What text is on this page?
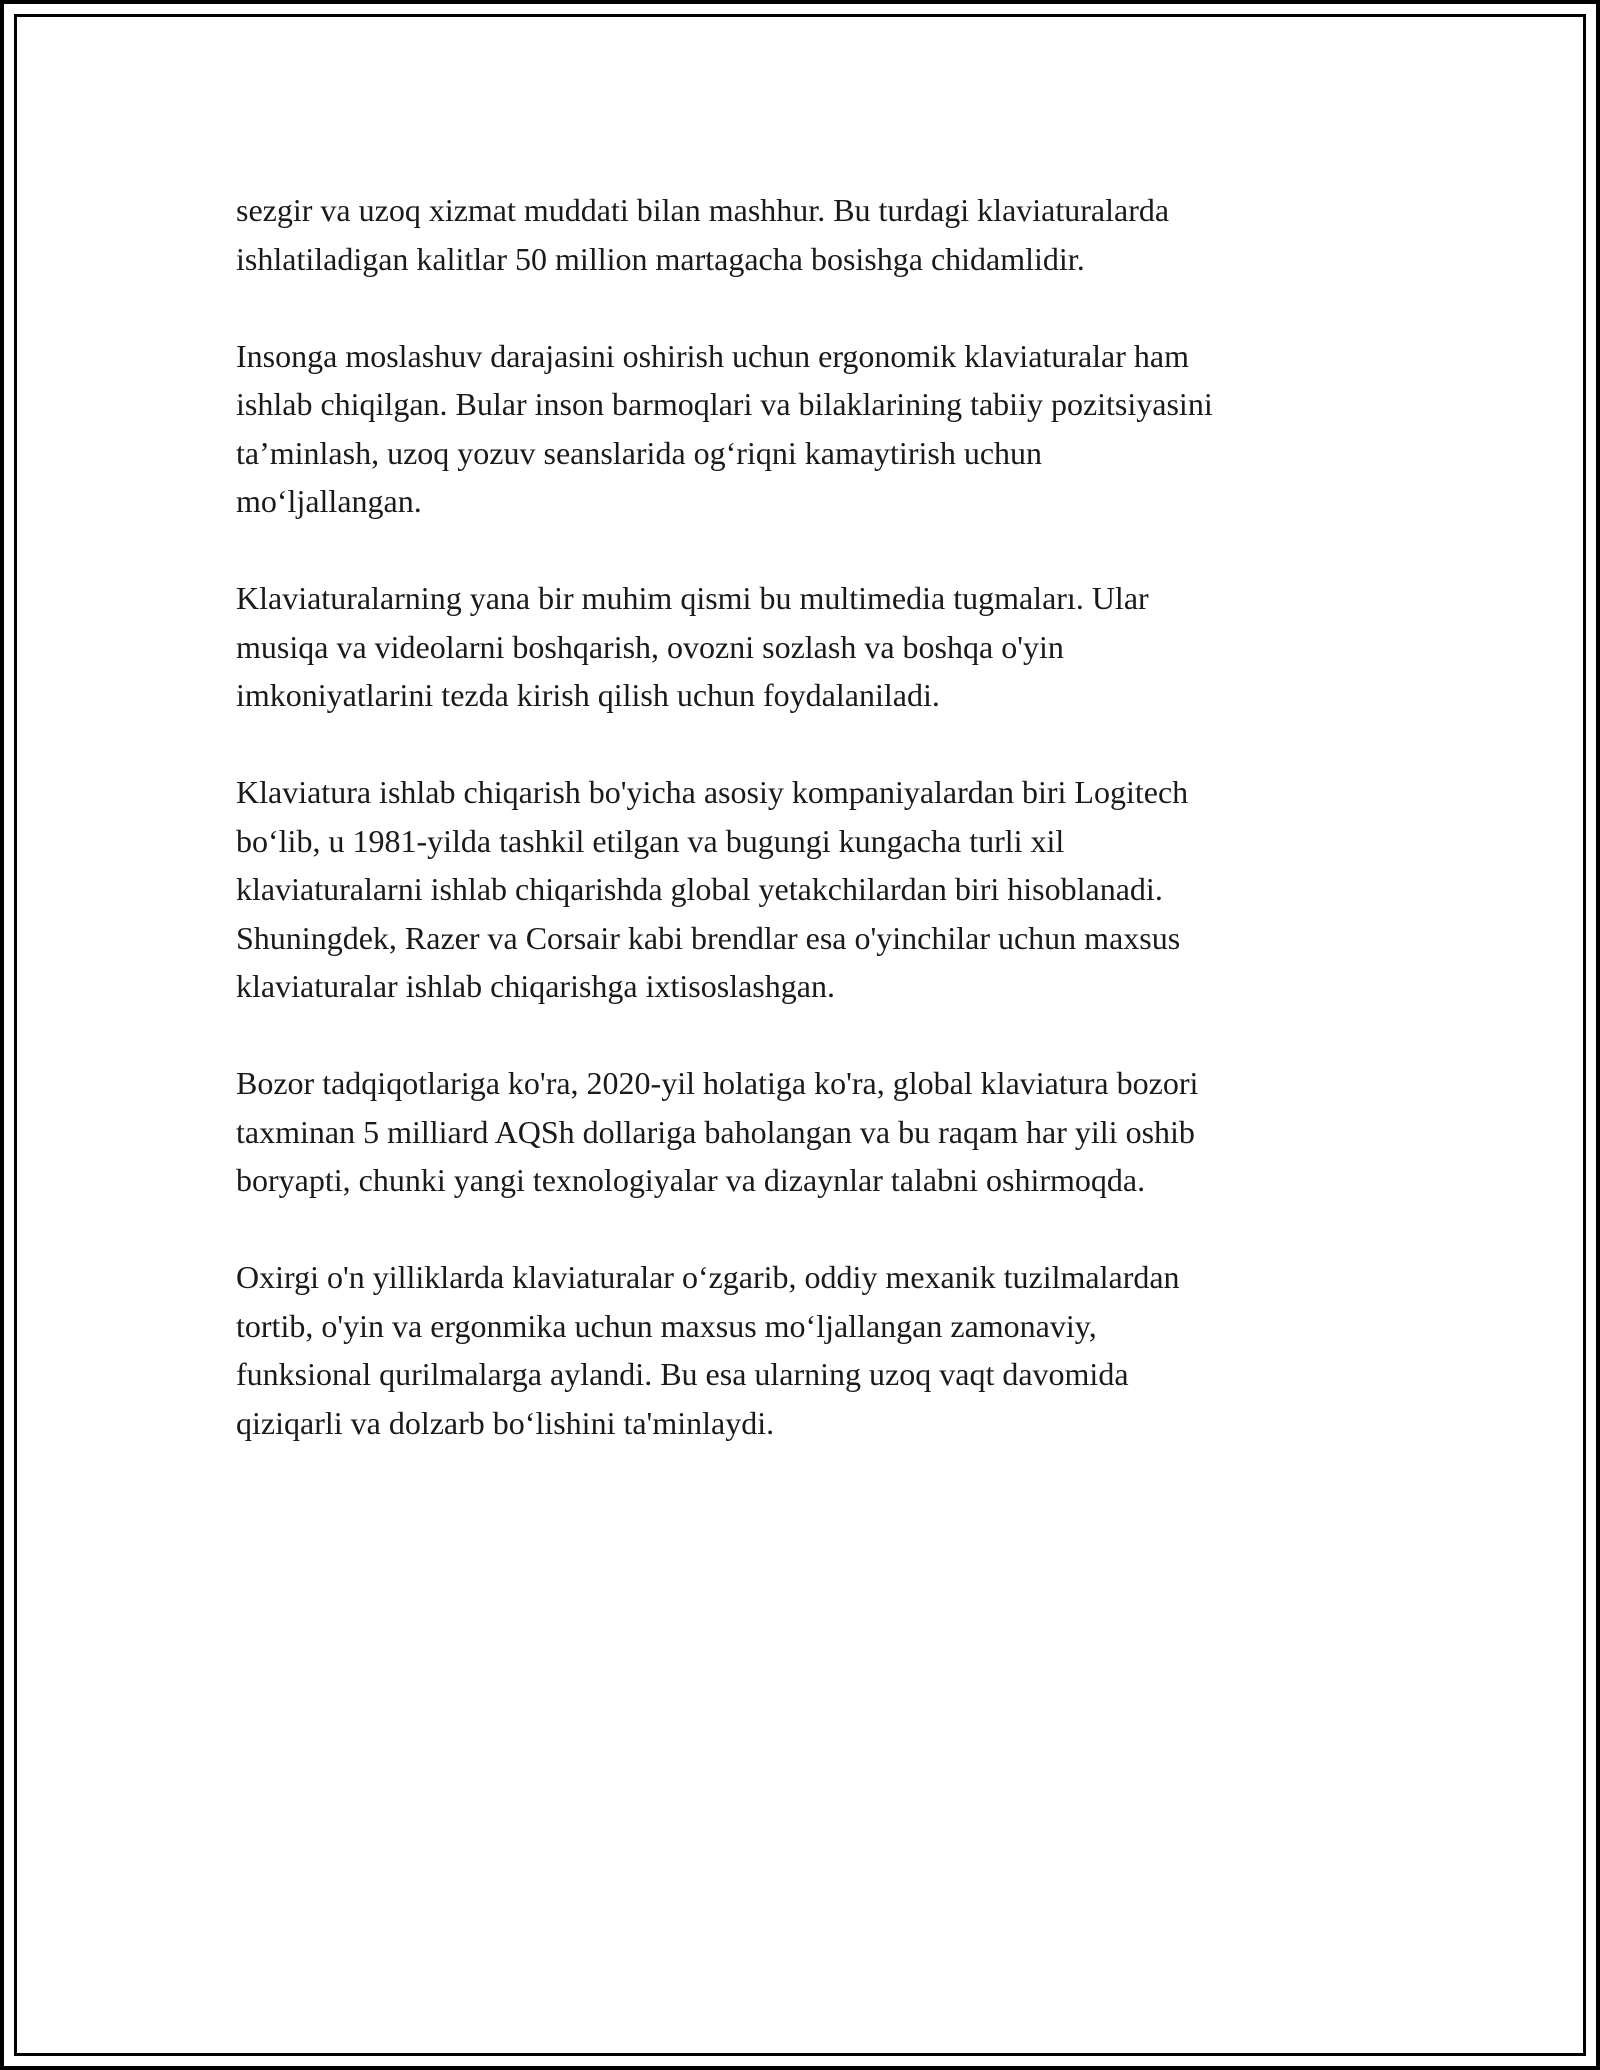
sezgir va uzoq xizmat muddati bilan mashhur. Bu turdagi klaviaturalarda
ishlatiladigan kalitlar 50 million martagacha bosishga chidamlidir.

Insonga moslashuv darajasini oshirish uchun ergonomik klaviaturalar ham
ishlab chiqilgan. Bular inson barmoqlari va bilaklarining tabiiy pozitsiyasini
ta’minlash, uzoq yozuv seanslarida og‘riqni kamaytirish uchun
mo‘ljallangan.

Klaviaturalarning yana bir muhim qismi bu multimedia tugmaları. Ular
musiqa va videolarni boshqarish, ovozni sozlash va boshqa o'yin
imkoniyatlarini tezda kirish qilish uchun foydalaniladi.

Klaviatura ishlab chiqarish bo'yicha asosiy kompaniyalardan biri Logitech
bo‘lib, u 1981-yilda tashkil etilgan va bugungi kungacha turli xil
klaviaturalarni ishlab chiqarishda global yetakchilardan biri hisoblanadi.
Shuningdek, Razer va Corsair kabi brendlar esa o'yinchilar uchun maxsus
klaviaturalar ishlab chiqarishga ixtisoslashgan.

Bozor tadqiqotlariga ko'ra, 2020-yil holatiga ko'ra, global klaviatura bozori
taxminan 5 milliard AQSh dollariga baholangan va bu raqam har yili oshib
boryapti, chunki yangi texnologiyalar va dizaynlar talabni oshirmoqda.

Oxirgi o'n yilliklarda klaviaturalar o‘zgarib, oddiy mexanik tuzilmalardan
tortib, o'yin va ergonmika uchun maxsus mo‘ljallangan zamonaviy,
funksional qurilmalarga aylandi. Bu esa ularning uzoq vaqt davomida
qiziqarli va dolzarb bo‘lishini ta'minlaydi.
